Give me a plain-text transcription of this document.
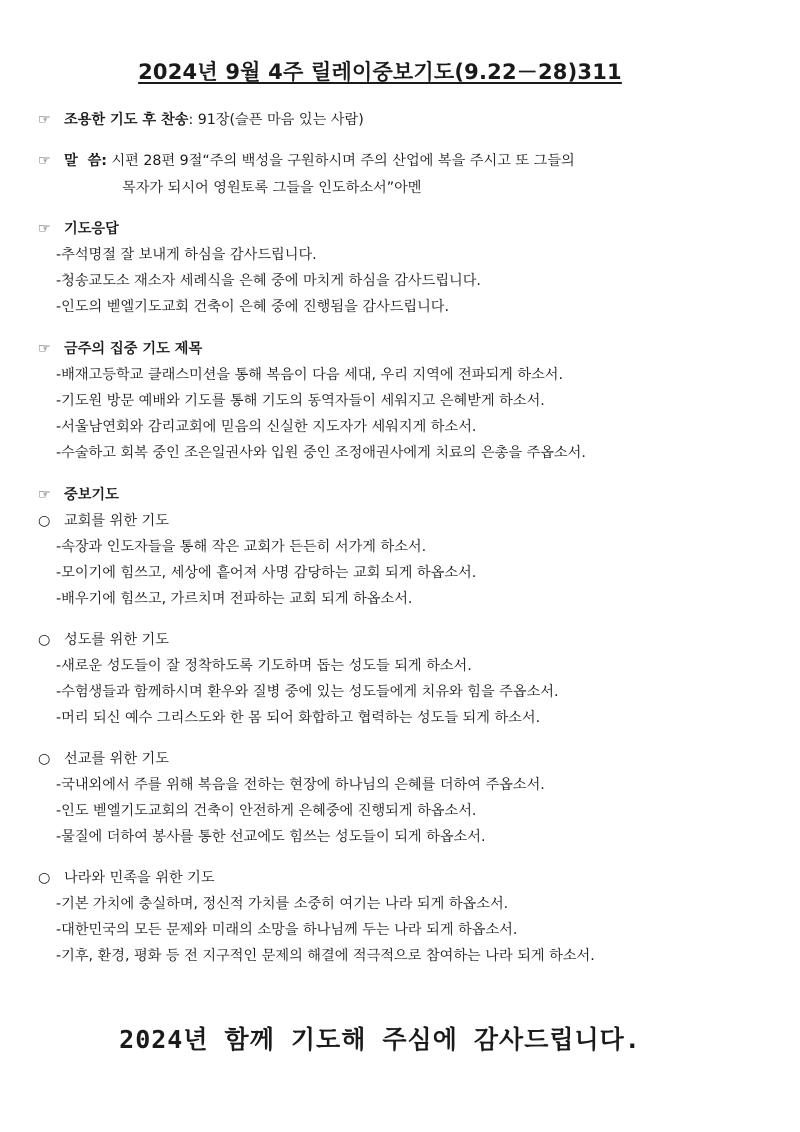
2024년 9월 4주 릴레이중보기도(9.22－28)311
☞ 조용한 기도 후 찬송: 91장(슬픈 마음 있는 사람)
☞ 말  씀: 시편 28편 9절“주의 백성을 구원하시며 주의 산업에 복을 주시고 또 그들의
목자가 되시어 영원토록 그들을 인도하소서”아멘
☞ 기도응답
-추석명절 잘 보내게 하심을 감사드립니다.
-청송교도소 재소자 세례식을 은혜 중에 마치게 하심을 감사드립니다.
-인도의 벧엘기도교회 건축이 은혜 중에 진행됨을 감사드립니다.
☞ 금주의 집중 기도 제목
-배재고등학교 클래스미션을 통해 복음이 다음 세대, 우리 지역에 전파되게 하소서.
-기도원 방문 예배와 기도를 통해 기도의 동역자들이 세워지고 은혜받게 하소서.
-서울남연회와 감리교회에 믿음의 신실한 지도자가 세워지게 하소서.
-수술하고 회복 중인 조은일권사와 입원 중인 조정애권사에게 치료의 은총을 주옵소서.
☞ 중보기도
○ 교회를 위한 기도
-속장과 인도자들을 통해 작은 교회가 든든히 서가게 하소서.
-모이기에 힘쓰고, 세상에 흩어져 사명 감당하는 교회 되게 하옵소서.
-배우기에 힘쓰고, 가르치며 전파하는 교회 되게 하옵소서.
○ 성도를 위한 기도
-새로운 성도들이 잘 정착하도록 기도하며 돕는 성도들 되게 하소서.
-수험생들과 함께하시며 환우와 질병 중에 있는 성도들에게 치유와 힘을 주옵소서.
-머리 되신 예수 그리스도와 한 몸 되어 화합하고 협력하는 성도들 되게 하소서.
○ 선교를 위한 기도
-국내외에서 주를 위해 복음을 전하는 현장에 하나님의 은혜를 더하여 주옵소서.
-인도 벧엘기도교회의 건축이 안전하게 은혜중에 진행되게 하옵소서.
-물질에 더하여 봉사를 통한 선교에도 힘쓰는 성도들이 되게 하옵소서.
○ 나라와 민족을 위한 기도
-기본 가치에 충실하며, 정신적 가치를 소중히 여기는 나라 되게 하옵소서.
-대한민국의 모든 문제와 미래의 소망을 하나님께 두는 나라 되게 하옵소서.
-기후, 환경, 평화 등 전 지구적인 문제의 해결에 적극적으로 참여하는 나라 되게 하소서.
2024년 함께 기도해 주심에 감사드립니다.
